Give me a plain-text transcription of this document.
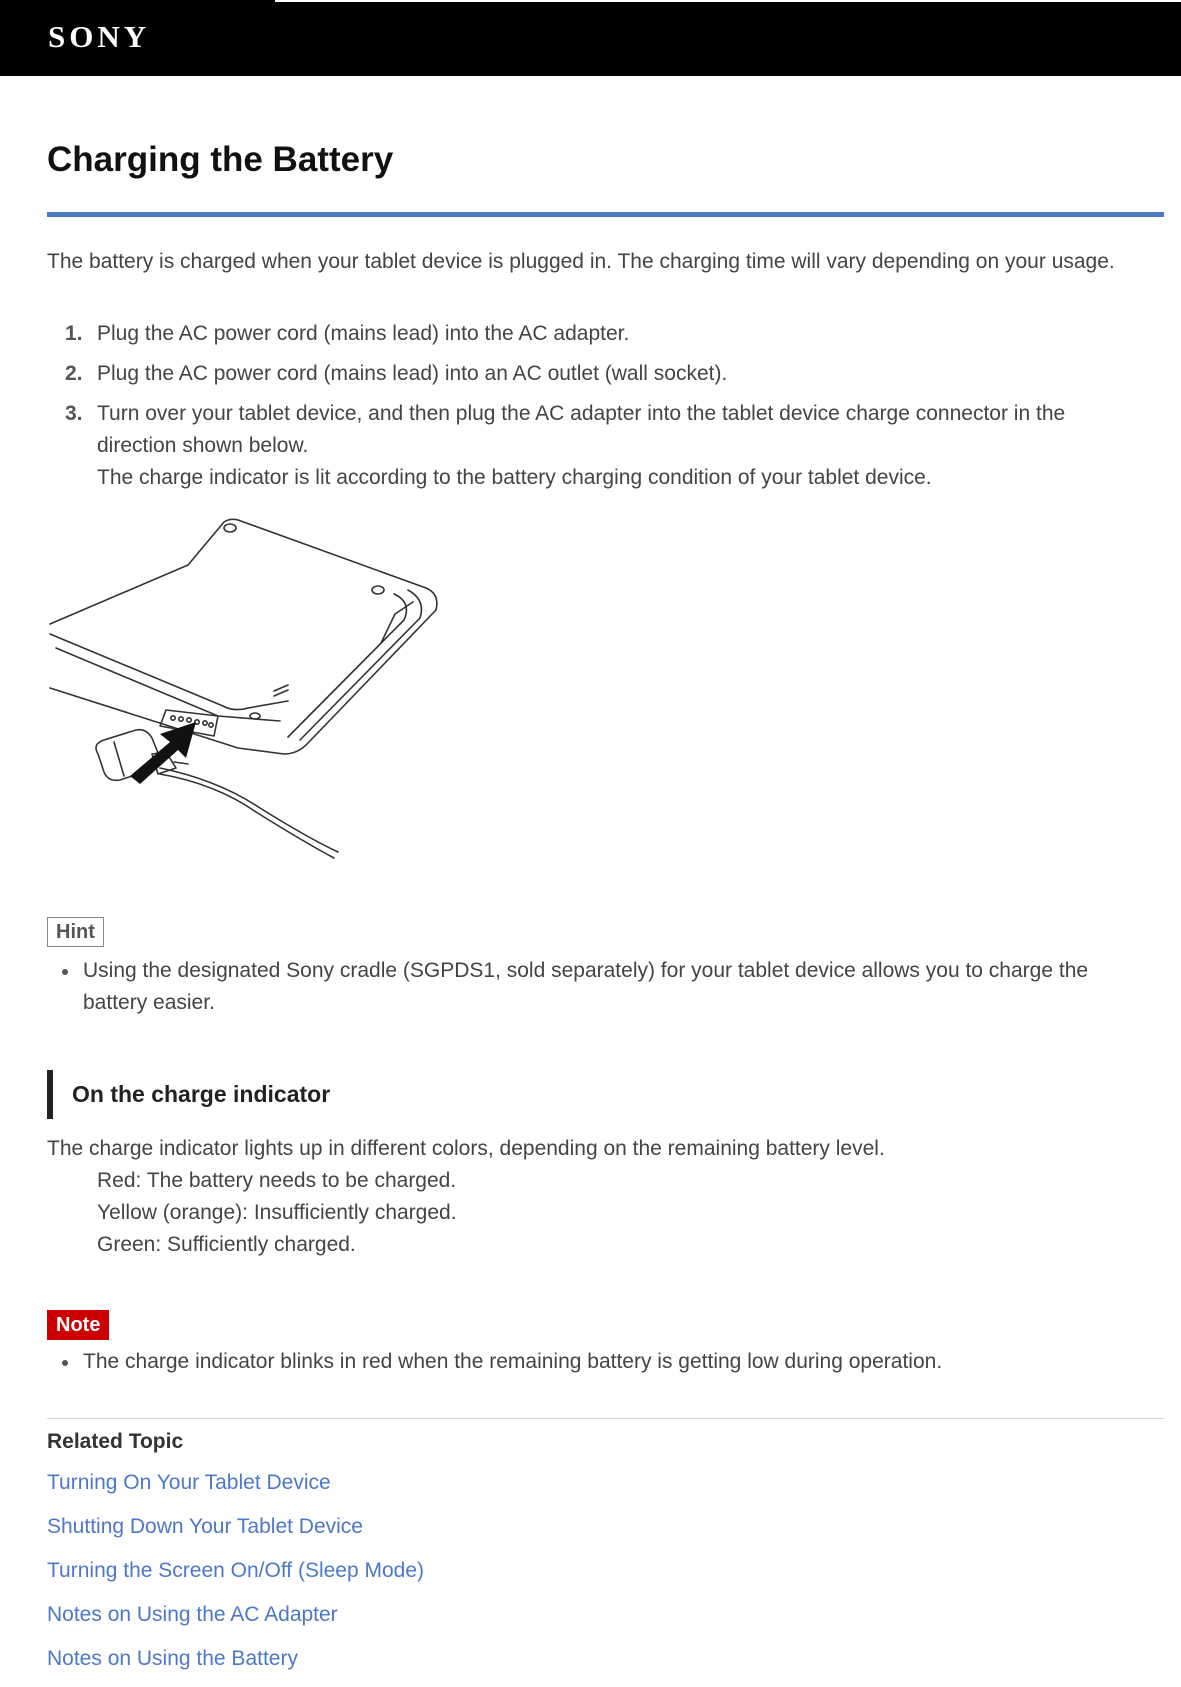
SONY
Charging the Battery

The battery is charged when your tablet device is plugged in. The charging time will vary depending on your usage.

1. Plug the AC power cord (mains lead) into the AC adapter.
2. Plug the AC power cord (mains lead) into an AC outlet (wall socket).
3. Turn over your tablet device, and then plug the AC adapter into the tablet device charge connector in the direction shown below.
The charge indicator is lit according to the battery charging condition of your tablet device.
Hint
Using the designated Sony cradle (SGPDS1, sold separately) for your tablet device allows you to charge the battery easier.
On the charge indicator

The charge indicator lights up in different colors, depending on the remaining battery level.

Red: The battery needs to be charged.
Yellow (orange): Insufficiently charged.
Green: Sufficiently charged.
Note
The charge indicator blinks in red when the remaining battery is getting low during operation.
Related Topic
Turning On Your Tablet Device
Shutting Down Your Tablet Device
Turning the Screen On/Off (Sleep Mode)
Notes on Using the AC Adapter
Notes on Using the Battery
